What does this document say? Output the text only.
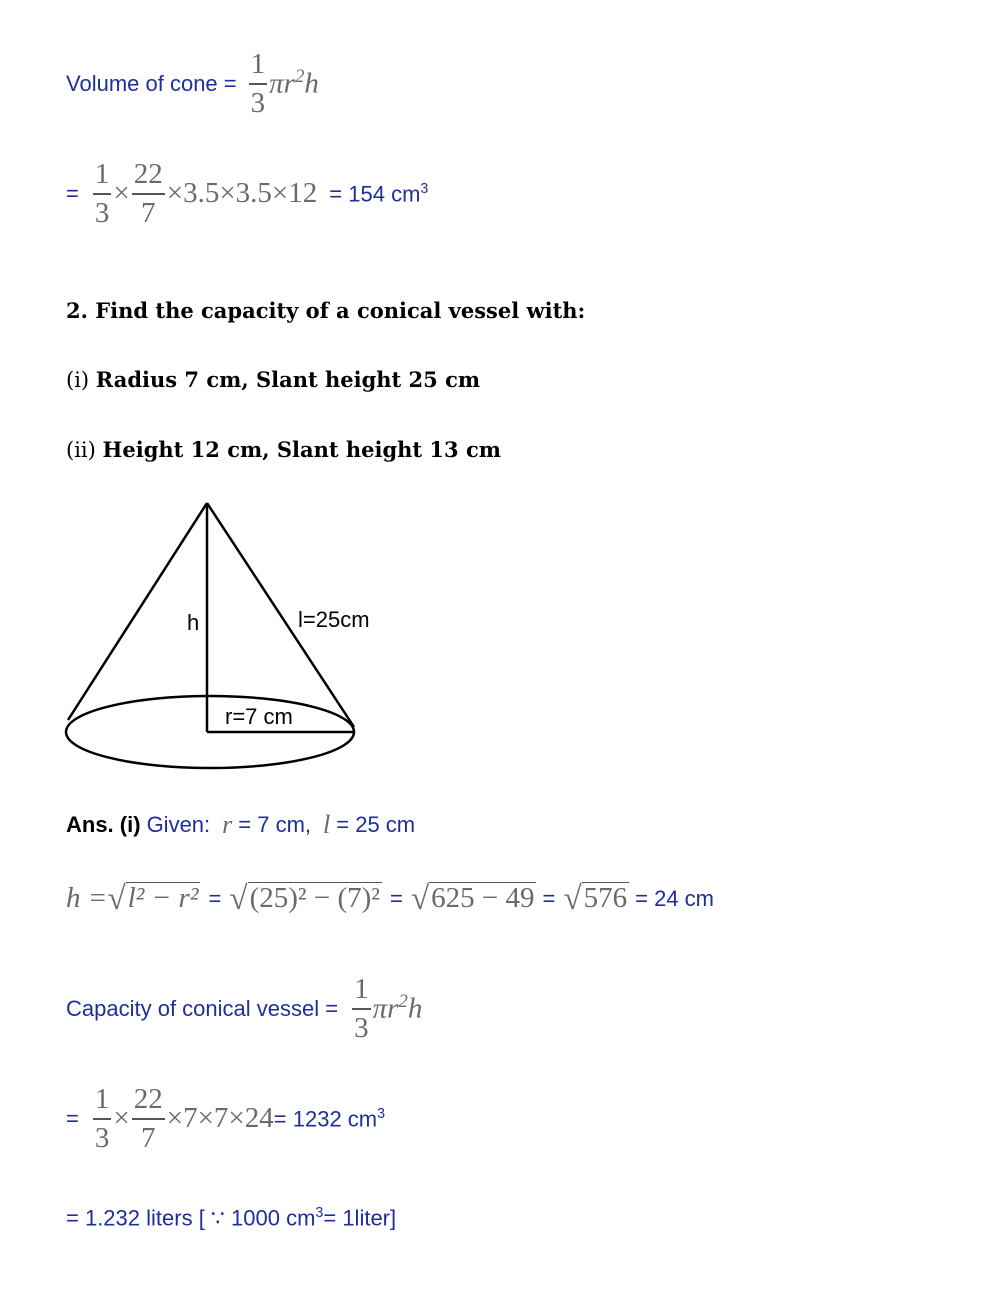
Volume of cone = $\frac{1}{3} \pi r^2h$
= $\frac{1}{3} \times \frac{22}{7} \times 3.5\times 3.5\times 12 = 154$ $cm^3$
2. Find the capacity of a conical vessel with:
(i)
Radius 7 cm, Slant height 25 cm
(ii)
Height 12 cm, Slant height 13 cm
h	l=25cm
r=7 cm
Ans. (i) Given: r = 7 cm, l = 25 cm
h = √ l² − r² = √ (25)² − (7)² = √ 625 − 49 = √ 576 = 24 cm
Capacity of conical vessel = $\frac{1}{3} \pi r^2h$
= $\frac{1}{3} \times \frac{22}{7} \times 7\times 7\times 24 = 1232$ $cm^3$
= 1.232 liters [ ∵ 1000 $cm^3=$ 1liter]
